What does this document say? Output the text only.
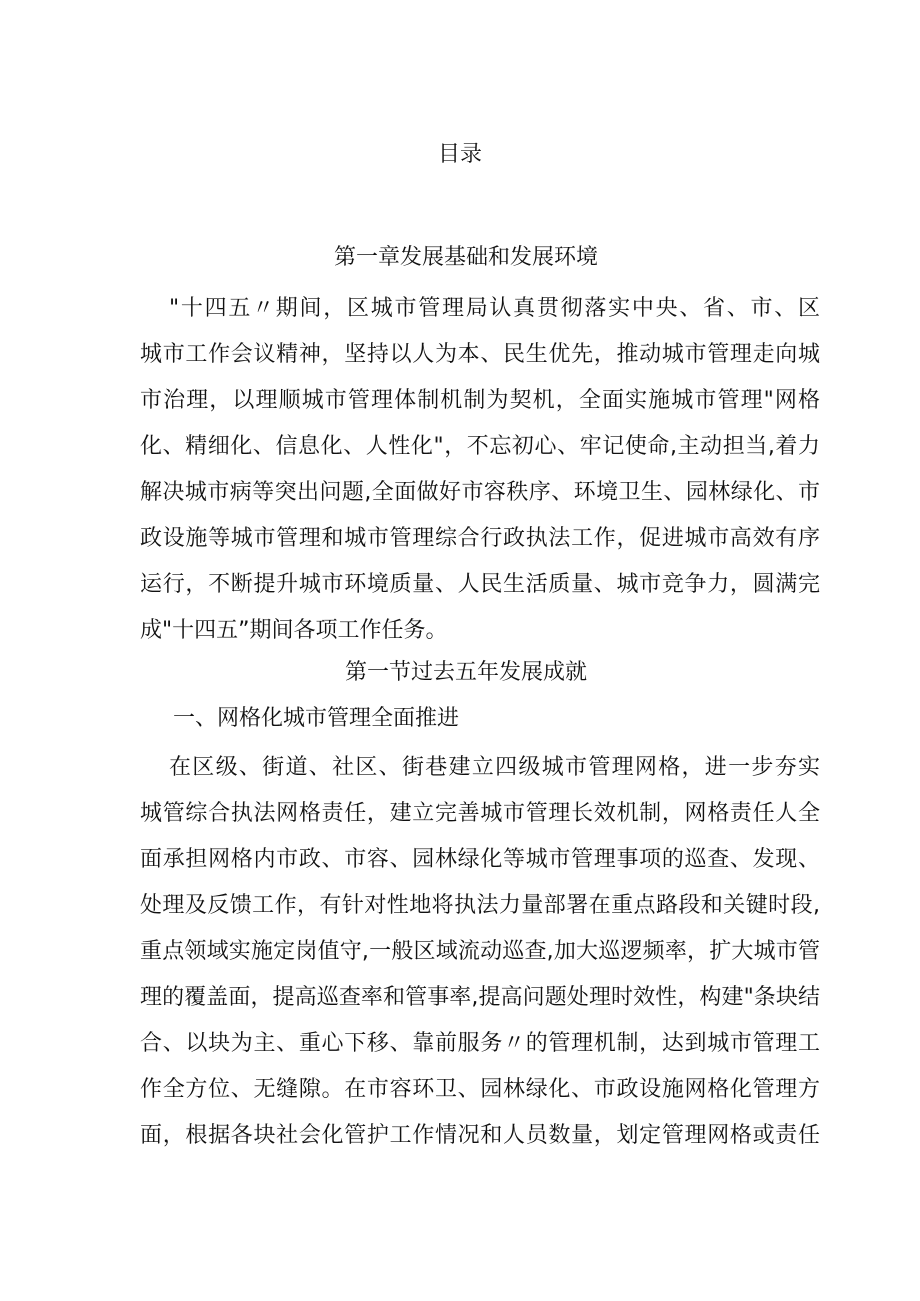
目录
第一章发展基础和发展环境
"十四五〃期间，区城市管理局认真贯彻落实中央、省、市、区
城市工作会议精神，坚持以人为本、民生优先，推动城市管理走向城
市治理，以理顺城市管理体制机制为契机，全面实施城市管理"网格
化、精细化、信息化、人性化"，不忘初心、牢记使命,主动担当,着力
解决城市病等突出问题,全面做好市容秩序、环境卫生、园林绿化、市
政设施等城市管理和城市管理综合行政执法工作，促进城市高效有序
运行，不断提升城市环境质量、人民生活质量、城市竞争力，圆满完
成"十四五”期间各项工作任务。
第一节过去五年发展成就
一、网格化城市管理全面推进
在区级、街道、社区、街巷建立四级城市管理网格，进一步夯实
城管综合执法网格责任，建立完善城市管理长效机制，网格责任人全
面承担网格内市政、市容、园林绿化等城市管理事项的巡查、发现、
处理及反馈工作，有针对性地将执法力量部署在重点路段和关键时段,
重点领域实施定岗值守,一般区域流动巡查,加大巡逻频率，扩大城市管
理的覆盖面，提高巡查率和管事率,提高问题处理时效性，构建"条块结
合、以块为主、重心下移、靠前服务〃的管理机制，达到城市管理工
作全方位、无缝隙。在市容环卫、园林绿化、市政设施网格化管理方
面，根据各块社会化管护工作情况和人员数量，划定管理网格或责任
